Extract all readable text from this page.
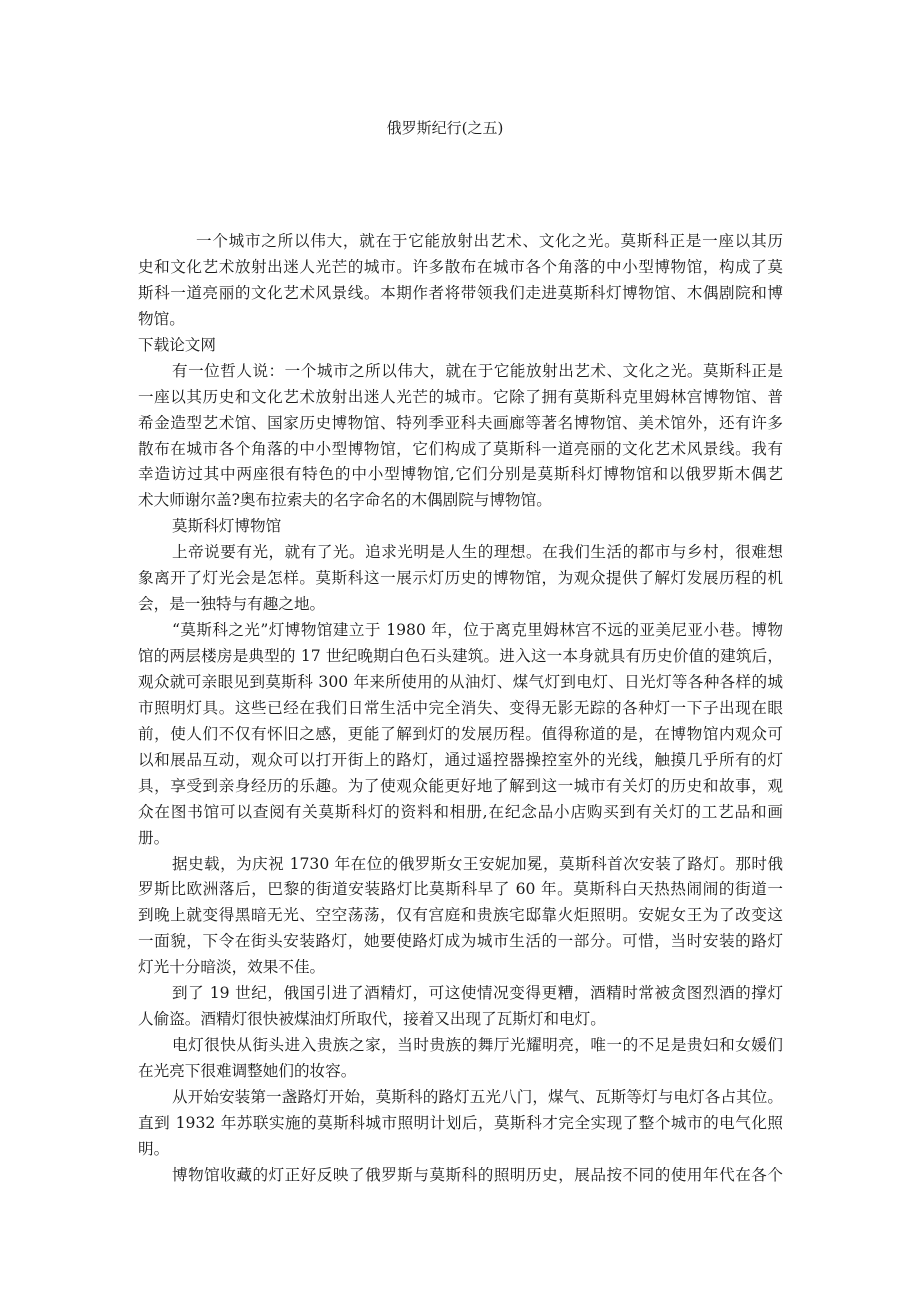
俄罗斯纪行(之五)
一个城市之所以伟大，就在于它能放射出艺术、文化之光。莫斯科正是一座以其历
史和文化艺术放射出迷人光芒的城市。许多散布在城市各个角落的中小型博物馆，构成了莫
斯科一道亮丽的文化艺术风景线。本期作者将带领我们走进莫斯科灯博物馆、木偶剧院和博
物馆。
下载论文网
有一位哲人说：一个城市之所以伟大，就在于它能放射出艺术、文化之光。莫斯科正是
一座以其历史和文化艺术放射出迷人光芒的城市。它除了拥有莫斯科克里姆林宫博物馆、普
希金造型艺术馆、国家历史博物馆、特列季亚科夫画廊等著名博物馆、美术馆外，还有许多
散布在城市各个角落的中小型博物馆，它们构成了莫斯科一道亮丽的文化艺术风景线。我有
幸造访过其中两座很有特色的中小型博物馆,它们分别是莫斯科灯博物馆和以俄罗斯木偶艺
术大师谢尔盖?奥布拉索夫的名字命名的木偶剧院与博物馆。
莫斯科灯博物馆
上帝说要有光，就有了光。追求光明是人生的理想。在我们生活的都市与乡村，很难想
象离开了灯光会是怎样。莫斯科这一展示灯历史的博物馆，为观众提供了解灯发展历程的机
会，是一独特与有趣之地。
“莫斯科之光”灯博物馆建立于 1980 年，位于离克里姆林宫不远的亚美尼亚小巷。博物
馆的两层楼房是典型的 17 世纪晚期白色石头建筑。进入这一本身就具有历史价值的建筑后，
观众就可亲眼见到莫斯科 300 年来所使用的从油灯、煤气灯到电灯、日光灯等各种各样的城
市照明灯具。这些已经在我们日常生活中完全消失、变得无影无踪的各种灯一下子出现在眼
前，使人们不仅有怀旧之感，更能了解到灯的发展历程。值得称道的是，在博物馆内观众可
以和展品互动，观众可以打开街上的路灯，通过遥控器操控室外的光线，触摸几乎所有的灯
具，享受到亲身经历的乐趣。为了使观众能更好地了解到这一城市有关灯的历史和故事，观
众在图书馆可以查阅有关莫斯科灯的资料和相册,在纪念品小店购买到有关灯的工艺品和画
册。
据史载，为庆祝 1730 年在位的俄罗斯女王安妮加冕，莫斯科首次安装了路灯。那时俄
罗斯比欧洲落后，巴黎的街道安装路灯比莫斯科早了 60 年。莫斯科白天热热闹闹的街道一
到晚上就变得黑暗无光、空空荡荡，仅有宫庭和贵族宅邸靠火炬照明。安妮女王为了改变这
一面貌，下令在街头安装路灯，她要使路灯成为城市生活的一部分。可惜，当时安装的路灯
灯光十分暗淡，效果不佳。
到了 19 世纪，俄国引进了酒精灯，可这使情况变得更糟，酒精时常被贪图烈酒的撑灯
人偷盗。酒精灯很快被煤油灯所取代，接着又出现了瓦斯灯和电灯。
电灯很快从街头进入贵族之家，当时贵族的舞厅光耀明亮，唯一的不足是贵妇和女媛们
在光亮下很难调整她们的妆容。
从开始安装第一盏路灯开始，莫斯科的路灯五光八门，煤气、瓦斯等灯与电灯各占其位。
直到 1932 年苏联实施的莫斯科城市照明计划后，莫斯科才完全实现了整个城市的电气化照
明。
博物馆收藏的灯正好反映了俄罗斯与莫斯科的照明历史，展品按不同的使用年代在各个
